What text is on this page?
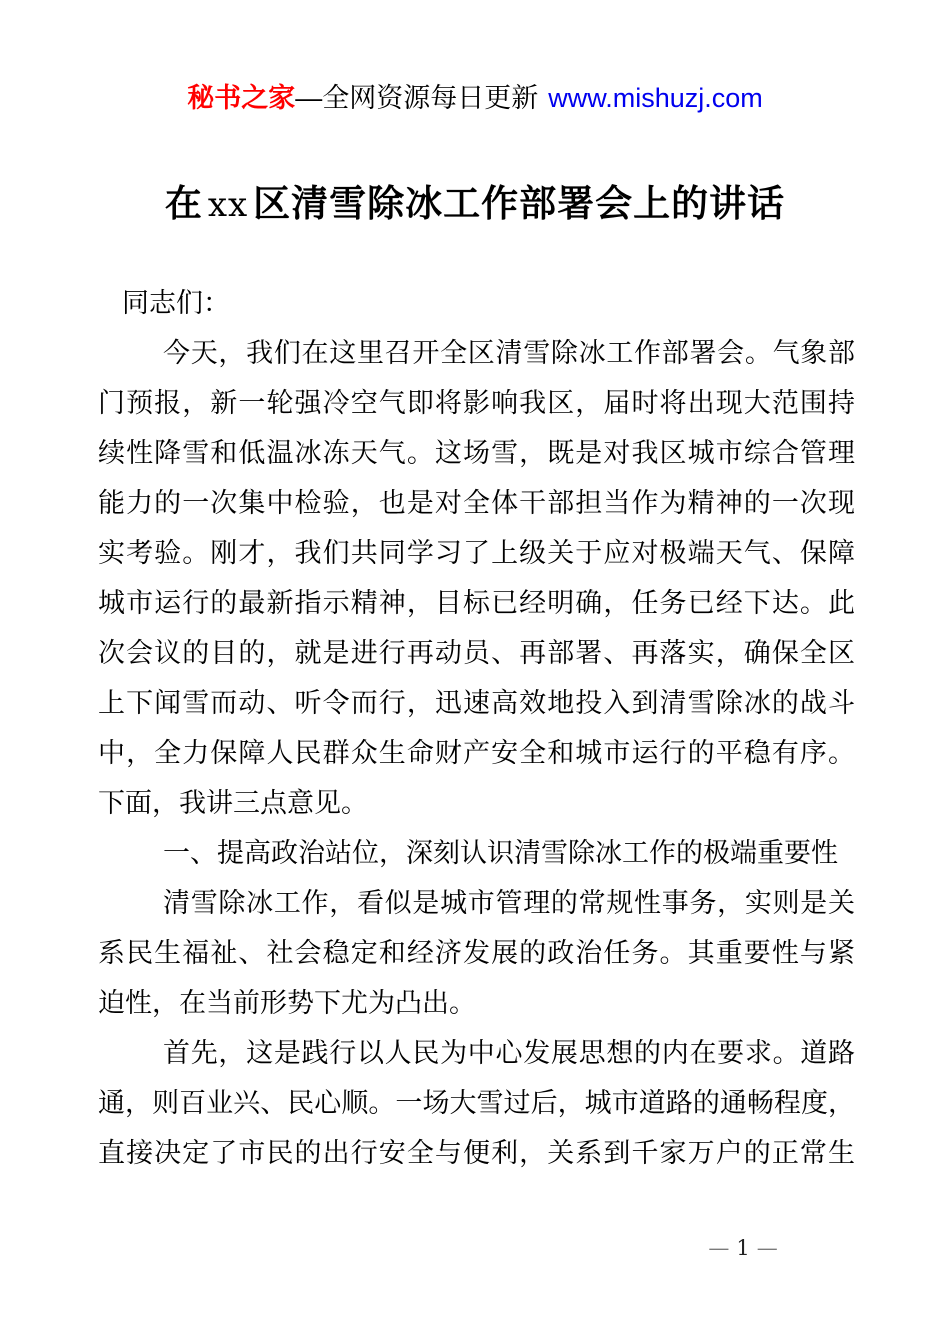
秘书之家—全网资源每日更新 www.mishuzj.com
在 xx 区清雪除冰工作部署会上的讲话
同志们：
今天，我们在这里召开全区清雪除冰工作部署会。气象部
门预报，新一轮强冷空气即将影响我区，届时将出现大范围持
续性降雪和低温冰冻天气。这场雪，既是对我区城市综合管理
能力的一次集中检验，也是对全体干部担当作为精神的一次现
实考验。刚才，我们共同学习了上级关于应对极端天气、保障
城市运行的最新指示精神，目标已经明确，任务已经下达。此
次会议的目的，就是进行再动员、再部署、再落实，确保全区
上下闻雪而动、听令而行，迅速高效地投入到清雪除冰的战斗
中，全力保障人民群众生命财产安全和城市运行的平稳有序。
下面，我讲三点意见。
一、提高政治站位，深刻认识清雪除冰工作的极端重要性
清雪除冰工作，看似是城市管理的常规性事务，实则是关
系民生福祉、社会稳定和经济发展的政治任务。其重要性与紧
迫性，在当前形势下尤为凸出。
首先，这是践行以人民为中心发展思想的内在要求。道路
通，则百业兴、民心顺。一场大雪过后，城市道路的通畅程度，
直接决定了市民的出行安全与便利，关系到千家万户的正常生
— 1 —
